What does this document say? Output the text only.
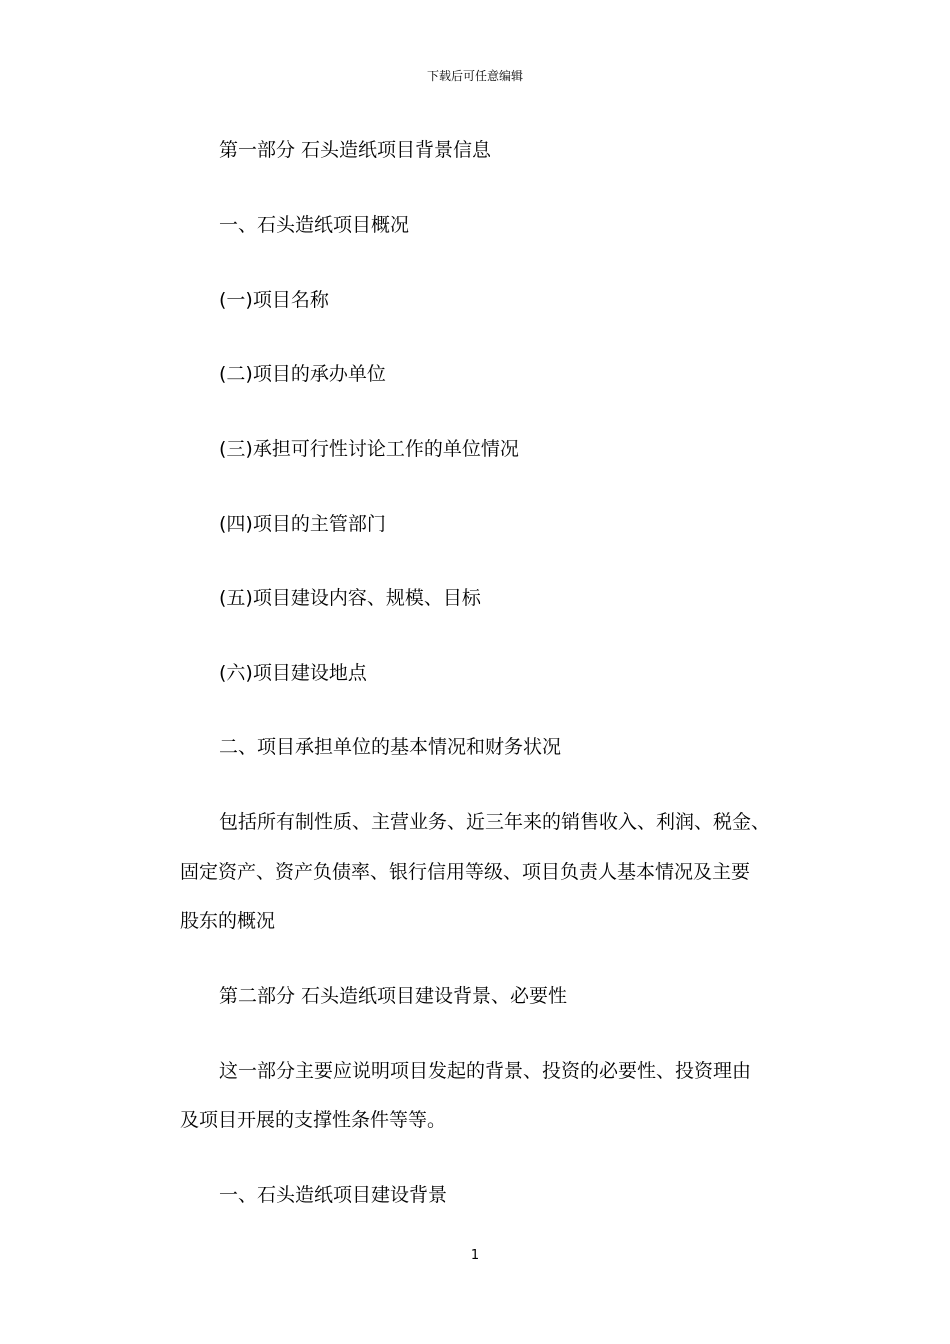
下载后可任意编辑
第一部分 石头造纸项目背景信息
一、石头造纸项目概况
(一)项目名称
(二)项目的承办单位
(三)承担可行性讨论工作的单位情况
(四)项目的主管部门
(五)项目建设内容、规模、目标
(六)项目建设地点
二、项目承担单位的基本情况和财务状况
包括所有制性质、主营业务、近三年来的销售收入、利润、税金、
固定资产、资产负债率、银行信用等级、项目负责人基本情况及主要
股东的概况
第二部分 石头造纸项目建设背景、必要性
这一部分主要应说明项目发起的背景、投资的必要性、投资理由
及项目开展的支撑性条件等等。
一、石头造纸项目建设背景
1
